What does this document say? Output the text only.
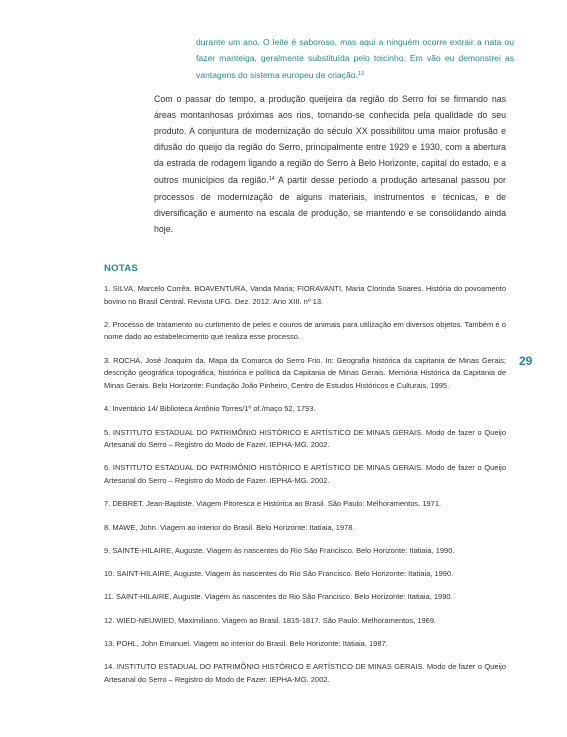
durante um ano. O leite é saboroso, mas aqui a ninguém ocorre extrair a nata ou fazer manteiga, geralmente substituída pelo toicinho. Em vão eu demonstrei as vantagens do sistema europeu de criação.$^{13}$
Com o passar do tempo, a produção queijeira da região do Serro foi se firmando nas áreas montanhosas próximas aos rios, tornando-se conhecida pela qualidade do seu produto. A conjuntura de modernização do século XX possibilitou uma maior profusão e difusão do queijo da região do Serro, principalmente entre 1929 e 1930, com a abertura da estrada de rodagem ligando a região do Serro à Belo Horizonte, capital do estado, e a outros municípios da região.$^{14}$ A partir desse período a produção artesanal passou por processos de modernização de alguns materiais, instrumentos e técnicas, e de diversificação e aumento na escala de produção, se mantendo e se consolidando ainda hoje.
NOTAS
1. SILVA, Marcelo Corrêa. BOAVENTURA, Vanda Maria; FIORAVANTI, Maria Clorinda Soares. História do povoamento bovino no Brasil Central. Revista UFG. Dez. 2012. Ano XIII. nº 13.
2. Processo de tratamento ou curtimento de peles e couros de animais para utilização em diversos objetos. Também é o nome dado ao estabelecimento que realiza esse processo.
3. ROCHA, José Joaquim da. Mapa da Comarca do Serro Frio. In: Geografia histórica da capitania de Minas Gerais; descrição geográfica topográfica, histórica e política da Capitania de Minas Gerais. Memória Histórica da Capitania de Minas Gerais. Belo Horizonte: Fundação João Pinheiro, Centro de Estudos Históricos e Culturais, 1995.
4. Inventário 14/ Biblioteca Antônio Torres/1º of./maço 52, 1793.
5. INSTITUTO ESTADUAL DO PATRIMÔNIO HISTÓRICO E ARTÍSTICO DE MINAS GERAIS. Modo de fazer o Queijo Artesanal do Serro – Registro do Modo de Fazer. IEPHA-MG. 2002.
6. INSTITUTO ESTADUAL DO PATRIMÔNIO HISTÓRICO E ARTÍSTICO DE MINAS GERAIS. Modo de fazer o Queijo Artesanal do Serro – Registro do Modo de Fazer. IEPHA-MG. 2002.
7. DEBRET, Jean-Baptiste. Viagem Pitoresca e Histórica ao Brasil. São Paulo: Melhoramentos, 1971.
8. MAWE, John. Viagem ao interior do Brasil. Belo Horizonte: Itatiaia, 1978.
9. SAINTE-HILAIRE, Auguste. Viagem às nascentes do Rio São Francisco. Belo Horizonte: Itatiaia, 1990.
10. SAINT-HILAIRE, Auguste. Viagem às nascentes do Rio São Francisco. Belo Horizonte: Itatiaia, 1990.
11. SAINT-HILAIRE, Auguste. Viagem às nascentes do Rio São Francisco. Belo Horizonte: Itatiaia, 1990.
12. WIED-NEUWIED, Maximiliano. Viagem ao Brasil. 1815-1817. São Paulo: Melhoramentos, 1969.
13. POHL, John Emanuel. Viagem ao interior do Brasil. Belo Horizonte: Itatiaia, 1987.
14. INSTITUTO ESTADUAL DO PATRIMÔNIO HISTÓRICO E ARTÍSTICO DE MINAS GERAIS. Modo de fazer o Queijo Artesanal do Serro – Registro do Modo de Fazer. IEPHA-MG. 2002.
29
